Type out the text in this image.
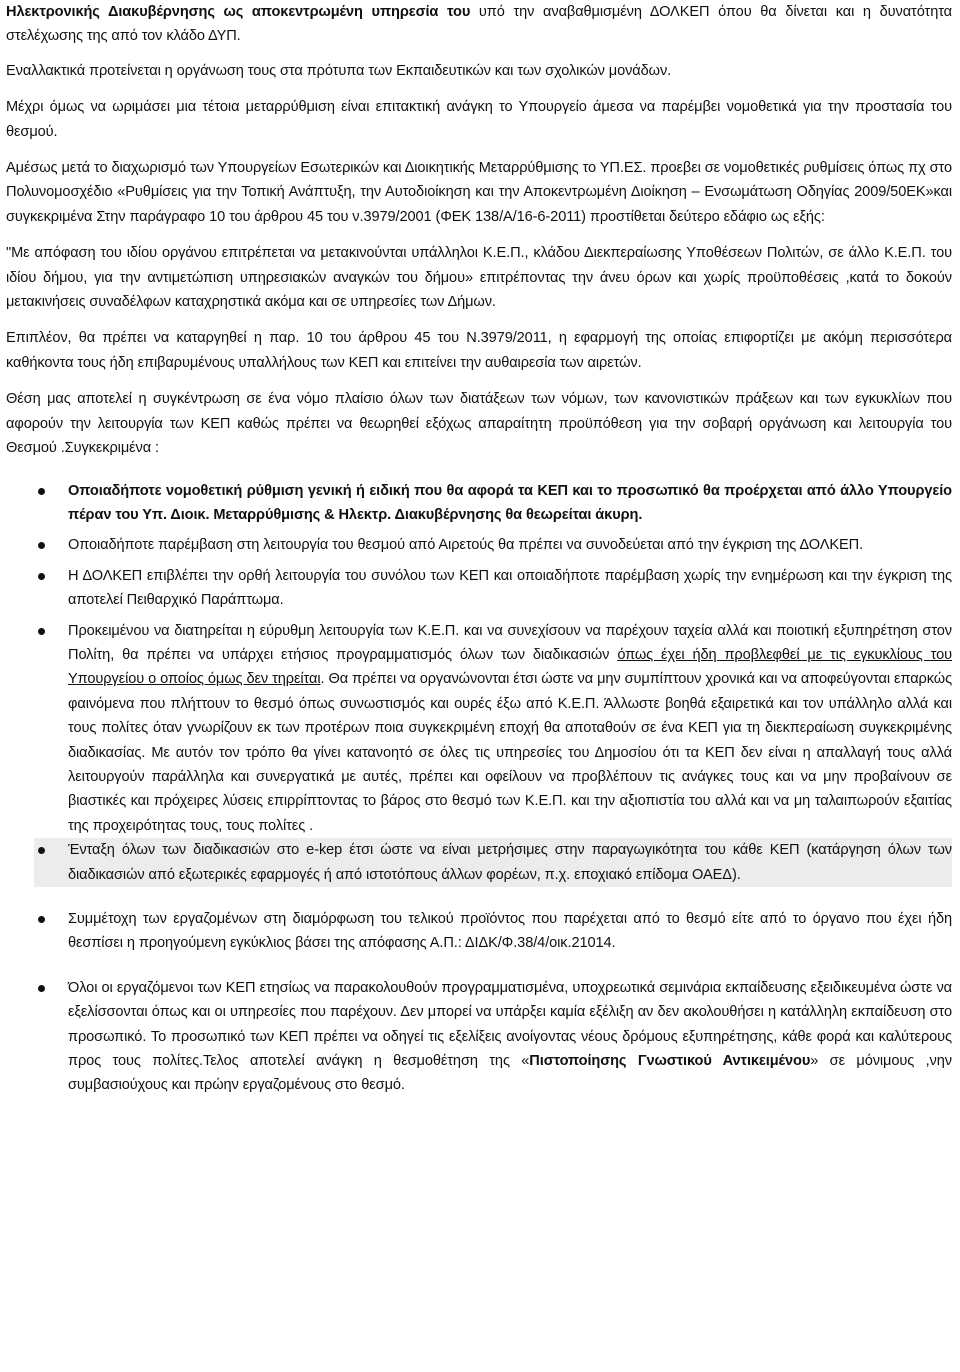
Ηλεκτρονικής Διακυβέρνησης ως αποκεντρωμένη υπηρεσία του υπό την αναβαθμισμένη ΔΟΛΚΕΠ όπου θα δίνεται και η δυνατότητα στελέχωσης της από τον κλάδο ΔΥΠ.

Εναλλακτικά προτείνεται η οργάνωση τους στα πρότυπα των Εκπαιδευτικών και των σχολικών μονάδων.

Μέχρι όμως να ωριμάσει μια τέτοια μεταρρύθμιση είναι επιτακτική ανάγκη το Υπουργείο άμεσα να παρέμβει νομοθετικά για την προστασία του θεσμού.

Αμέσως μετά το διαχωρισμό των Υπουργείων Εσωτερικών και Διοικητικής Μεταρρύθμισης το ΥΠ.ΕΣ. προεβει σε νομοθετικές ρυθμίσεις όπως πχ στο Πολυνομοσχέδιο «Ρυθμίσεις για την Τοπική Ανάπτυξη, την Αυτοδιοίκηση και την Αποκεντρωμένη Διοίκηση – Ενσωμάτωση Οδηγίας 2009/50ΕΚ»και συγκεκριμένα Στην παράγραφο 10 του άρθρου 45 του ν.3979/2001 (ΦΕΚ 138/Α/16-6-2011) προστίθεται δεύτερο εδάφιο ως εξής:

"Με απόφαση του ιδίου οργάνου επιτρέπεται να μετακινούνται υπάλληλοι Κ.Ε.Π., κλάδου Διεκπεραίωσης Υποθέσεων Πολιτών, σε άλλο Κ.Ε.Π. του ιδίου δήμου, για την αντιμετώπιση υπηρεσιακών αναγκών του δήμου» επιτρέποντας την άνευ όρων και χωρίς προϋποθέσεις ,κατά το δοκούν μετακινήσεις συναδέλφων καταχρηστικά ακόμα και σε υπηρεσίες των Δήμων.

Επιπλέον, θα πρέπει να καταργηθεί η παρ. 10 του άρθρου 45 του Ν.3979/2011, η εφαρμογή της οποίας επιφορτίζει με ακόμη περισσότερα καθήκοντα τους ήδη επιβαρυμένους υπαλλήλους των ΚΕΠ και επιτείνει την αυθαιρεσία των αιρετών.

Θέση μας αποτελεί η συγκέντρωση σε ένα νόμο πλαίσιο όλων των διατάξεων των νόμων, των κανονιστικών πράξεων και των εγκυκλίων που αφορούν την λειτουργία των ΚΕΠ καθώς πρέπει να θεωρηθεί εξόχως απαραίτητη προϋπόθεση για την σοβαρή οργάνωση και λειτουργία του Θεσμού .Συγκεκριμένα :

Οποιαδήποτε νομοθετική ρύθμιση γενική ή ειδική που θα αφορά τα ΚΕΠ και το προσωπικό θα προέρχεται από άλλο Υπουργείο πέραν του Υπ. Διοικ. Μεταρρύθμισης & Ηλεκτρ. Διακυβέρνησης θα θεωρείται άκυρη.
Οποιαδήποτε παρέμβαση στη λειτουργία του θεσμού από Αιρετούς θα πρέπει να συνοδεύεται από την έγκριση της ΔΟΛΚΕΠ.
Η ΔΟΛΚΕΠ επιβλέπει την ορθή λειτουργία του συνόλου των ΚΕΠ και οποιαδήποτε παρέμβαση χωρίς την ενημέρωση και την έγκριση της αποτελεί Πειθαρχικό Παράπτωμα.
Προκειμένου να διατηρείται η εύρυθμη λειτουργία των Κ.Ε.Π. και να συνεχίσουν να παρέχουν ταχεία αλλά και ποιοτική εξυπηρέτηση στον Πολίτη, θα πρέπει να υπάρχει ετήσιος προγραμματισμός όλων των διαδικασιών όπως έχει ήδη προβλεφθεί με τις εγκυκλίους του Υπουργείου ο οποίος όμως δεν τηρείται. Θα πρέπει να οργανώνονται έτσι ώστε να μην συμπίπτουν χρονικά και να αποφεύγονται επαρκώς φαινόμενα που πλήττουν το θεσμό όπως συνωστισμός και ουρές έξω από Κ.Ε.Π. Άλλωστε βοηθά εξαιρετικά και τον υπάλληλο αλλά και τους πολίτες όταν γνωρίζουν εκ των προτέρων ποια συγκεκριμένη εποχή θα αποταθούν σε ένα ΚΕΠ για τη διεκπεραίωση συγκεκριμένης διαδικασίας. Με αυτόν τον τρόπο θα γίνει κατανοητό σε όλες τις υπηρεσίες του Δημοσίου ότι τα ΚΕΠ δεν είναι η απαλλαγή τους αλλά λειτουργούν παράλληλα και συνεργατικά με αυτές, πρέπει και οφείλουν να προβλέπουν τις ανάγκες τους και να μην προβαίνουν σε βιαστικές και πρόχειρες λύσεις επιρρίπτοντας το βάρος στο θεσμό των Κ.Ε.Π. και την αξιοπιστία του αλλά και να μη ταλαιπωρούν εξαιτίας της προχειρότητας τους, τους πολίτες .
Ένταξη όλων των διαδικασιών στο e-kep έτσι ώστε να είναι μετρήσιμες στην παραγωγικότητα του κάθε ΚΕΠ (κατάργηση όλων των διαδικασιών από εξωτερικές εφαρμογές ή από ιστοτόπους άλλων φορέων, π.χ. εποχιακό επίδομα ΟΑΕΔ).
Συμμέτοχη των εργαζομένων στη διαμόρφωση του τελικού προϊόντος που παρέχεται από το θεσμό είτε από το όργανο που έχει ήδη θεσπίσει η προηγούμενη εγκύκλιος βάσει της απόφασης Α.Π.: ΔΙΔΚ/Φ.38/4/οικ.21014.
Όλοι οι εργαζόμενοι των ΚΕΠ ετησίως να παρακολουθούν προγραμματισμένα, υποχρεωτικά σεμινάρια εκπαίδευσης εξειδικευμένα ώστε να εξελίσσονται όπως και οι υπηρεσίες που παρέχουν. Δεν μπορεί να υπάρξει καμία εξέλιξη αν δεν ακολουθήσει η κατάλληλη εκπαίδευση στο προσωπικό. Το προσωπικό των ΚΕΠ πρέπει να οδηγεί τις εξελίξεις ανοίγοντας νέους δρόμους εξυπηρέτησης, κάθε φορά και καλύτερους προς τους πολίτες.Τελος αποτελεί ανάγκη η θεσμοθέτηση της «Πιστοποίησης Γνωστικού Αντικειμένου» σε μόνιμους ,νην συμβασιούχους και πρώην εργαζομένους στο θεσμό.
